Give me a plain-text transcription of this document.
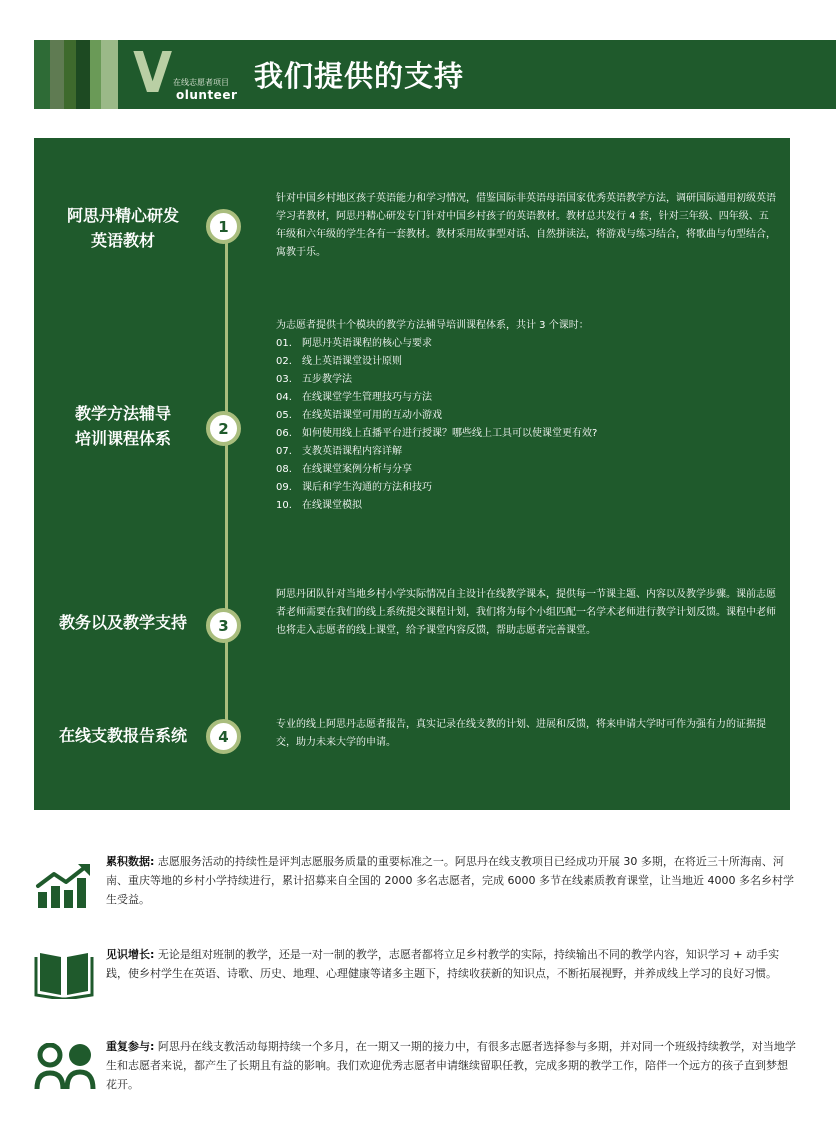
V 在线志愿者项目
olunteer
我们提供的支持
阿思丹精心研发
英语教材
1

针对中国乡村地区孩子英语能力和学习情况，借鉴国际非英语母语国家优秀英语教学方法，调研国际通用初级英语学习者教材，阿思丹精心研发专门针对中国乡村孩子的英语教材。教材总共发行 4 套，针对三年级、四年级、五年级和六年级的学生各有一套教材。教材采用故事型对话、自然拼读法，将游戏与练习结合，将歌曲与句型结合，寓教于乐。

教学方法辅导
培训课程体系
2
为志愿者提供十个模块的教学方法辅导培训课程体系，共计 3 个课时：
01.	阿思丹英语课程的核心与要求
02.	线上英语课堂设计原则
03.	五步教学法
04.	在线课堂学生管理技巧与方法
05.	在线英语课堂可用的互动小游戏
06.	如何使用线上直播平台进行授课？哪些线上工具可以使课堂更有效?
07.	支教英语课程内容详解
08.	在线课堂案例分析与分享
09.	课后和学生沟通的方法和技巧
10.	在线课堂模拟
教务以及教学支持	3

阿思丹团队针对当地乡村小学实际情况自主设计在线教学课本，提供每一节课主题、内容以及教学步骤。课前志愿者老师需要在我们的线上系统提交课程计划，我们将为每个小组匹配一名学术老师进行教学计划反馈。课程中老师也将走入志愿者的线上课堂，给予课堂内容反馈，帮助志愿者完善课堂。

在线支教报告系统	4

专业的线上阿思丹志愿者报告，真实记录在线支教的计划、进展和反馈，将来申请大学时可作为强有力的证据提交，助力未来大学的申请。

累积数据: 志愿服务活动的持续性是评判志愿服务质量的重要标准之一。阿思丹在线支教项目已经成功开展 30 多期，在将近三十所海南、河南、重庆等地的乡村小学持续进行，累计招募来自全国的 2000 多名志愿者，完成 6000 多节在线素质教育课堂，让当地近 4000 多名乡村学生受益。

见识增长: 无论是组对班制的教学，还是一对一制的教学，志愿者都将立足乡村教学的实际，持续输出不同的教学内容，知识学习 + 动手实践，使乡村学生在英语、诗歌、历史、地理、心理健康等诸多主题下，持续收获新的知识点，不断拓展视野，并养成线上学习的良好习惯。

重复参与: 阿思丹在线支教活动每期持续一个多月，在一期又一期的接力中，有很多志愿者选择参与多期，并对同一个班级持续教学，对当地学生和志愿者来说，都产生了长期且有益的影响。我们欢迎优秀志愿者申请继续留职任教，完成多期的教学工作，陪伴一个远方的孩子直到梦想花开。
